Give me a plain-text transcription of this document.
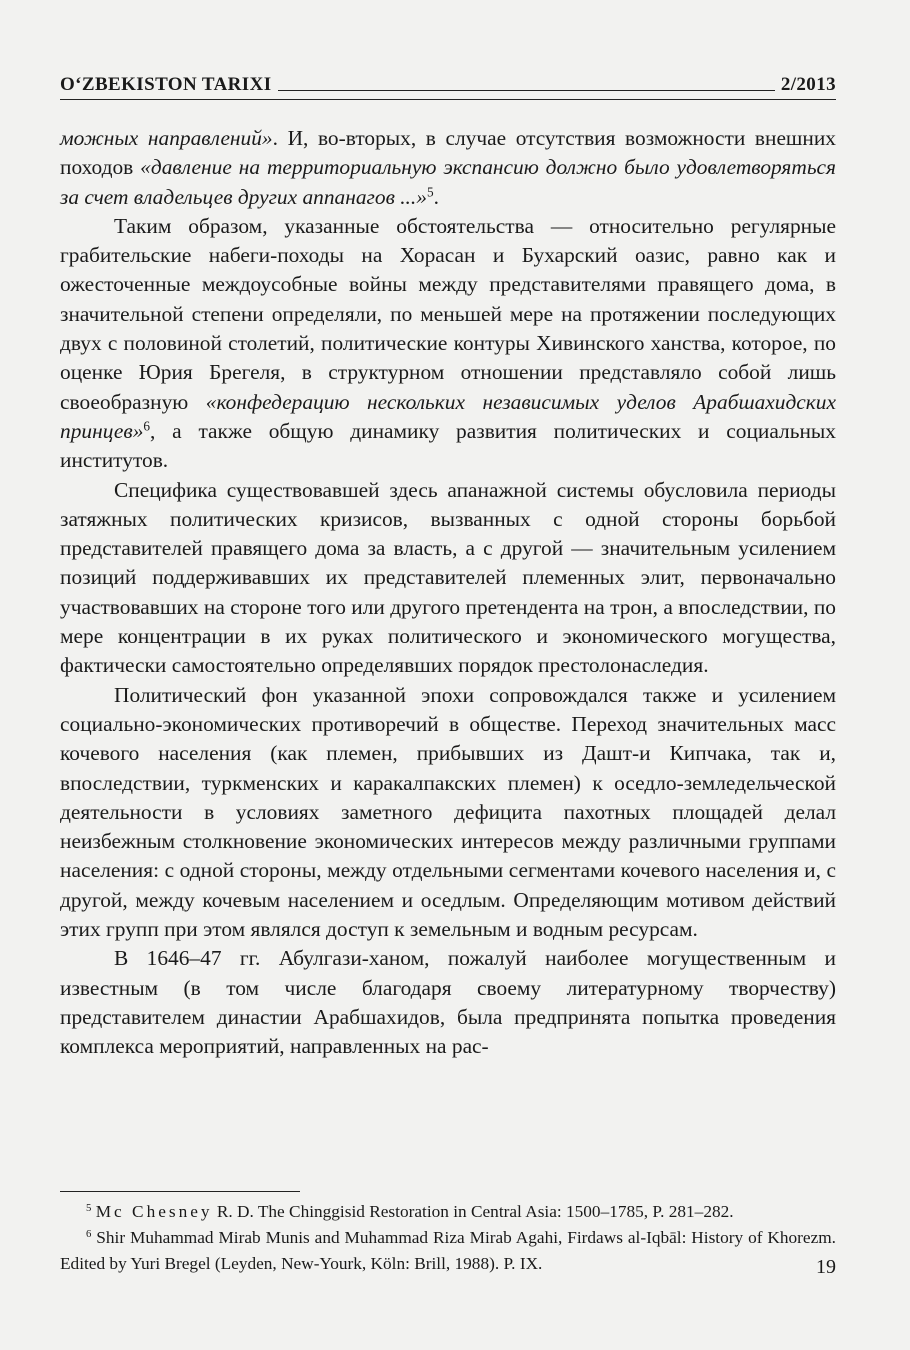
O‘ZBEKISTON TARIXI	2/2013

можных направлений». И, во-вторых, в случае отсутствия возможности внешних походов «давление на территориальную экспансию должно было удовлетворяться за счет владельцев других аппанагов ...»$^5$.

Таким образом, указанные обстоятельства — относительно регулярные грабительские набеги-походы на Хорасан и Бухарский оазис, равно как и ожесточенные междоусобные войны между представителями правящего дома, в значительной степени определяли, по меньшей мере на протяжении последующих двух с половиной столетий, политические контуры Хивинского ханства, которое, по оценке Юрия Брегеля, в структурном отношении представляло собой лишь своеобразную «конфедерацию нескольких независимых уделов Арабшахидских принцев»$^6$, а также общую динамику развития политических и социальных институтов.

Специфика существовавшей здесь апанажной системы обусловила периоды затяжных политических кризисов, вызванных с одной стороны борьбой представителей правящего дома за власть, а с другой — значительным усилением позиций поддерживавших их представителей племенных элит, первоначально участвовавших на стороне того или другого претендента на трон, а впоследствии, по мере концентрации в их руках политического и экономического могущества, фактически самостоятельно определявших порядок престолонаследия.

Политический фон указанной эпохи сопровождался также и усилением социально-экономических противоречий в обществе. Переход значительных масс кочевого населения (как племен, прибывших из Дашт-и Кипчака, так и, впоследствии, туркменских и каракалпакских племен) к оседло-земледельческой деятельности в условиях заметного дефицита пахотных площадей делал неизбежным столкновение экономических интересов между различными группами населения: с одной стороны, между отдельными сегментами кочевого населения и, с другой, между кочевым населением и оседлым. Определяющим мотивом действий этих групп при этом являлся доступ к земельным и водным ресурсам.

В 1646–47 гг. Абулгази-ханом, пожалуй наиболее могущественным и известным (в том числе благодаря своему литературному творчеству) представителем династии Арабшахидов, была предпринята попытка проведения комплекса мероприятий, направленных на рас-

$^5$ Mc Chesney R. D. The Chinggisid Restoration in Central Asia: 1500–1785, P. 281–282.

$^6$ Shir Muhammad Mirab Munis and Muhammad Riza Mirab Agahi, Firdaws al-Iqbāl: History of Khorezm. Edited by Yuri Bregel (Leyden, New-Yourk, Köln: Brill, 1988). P. IX.	19
